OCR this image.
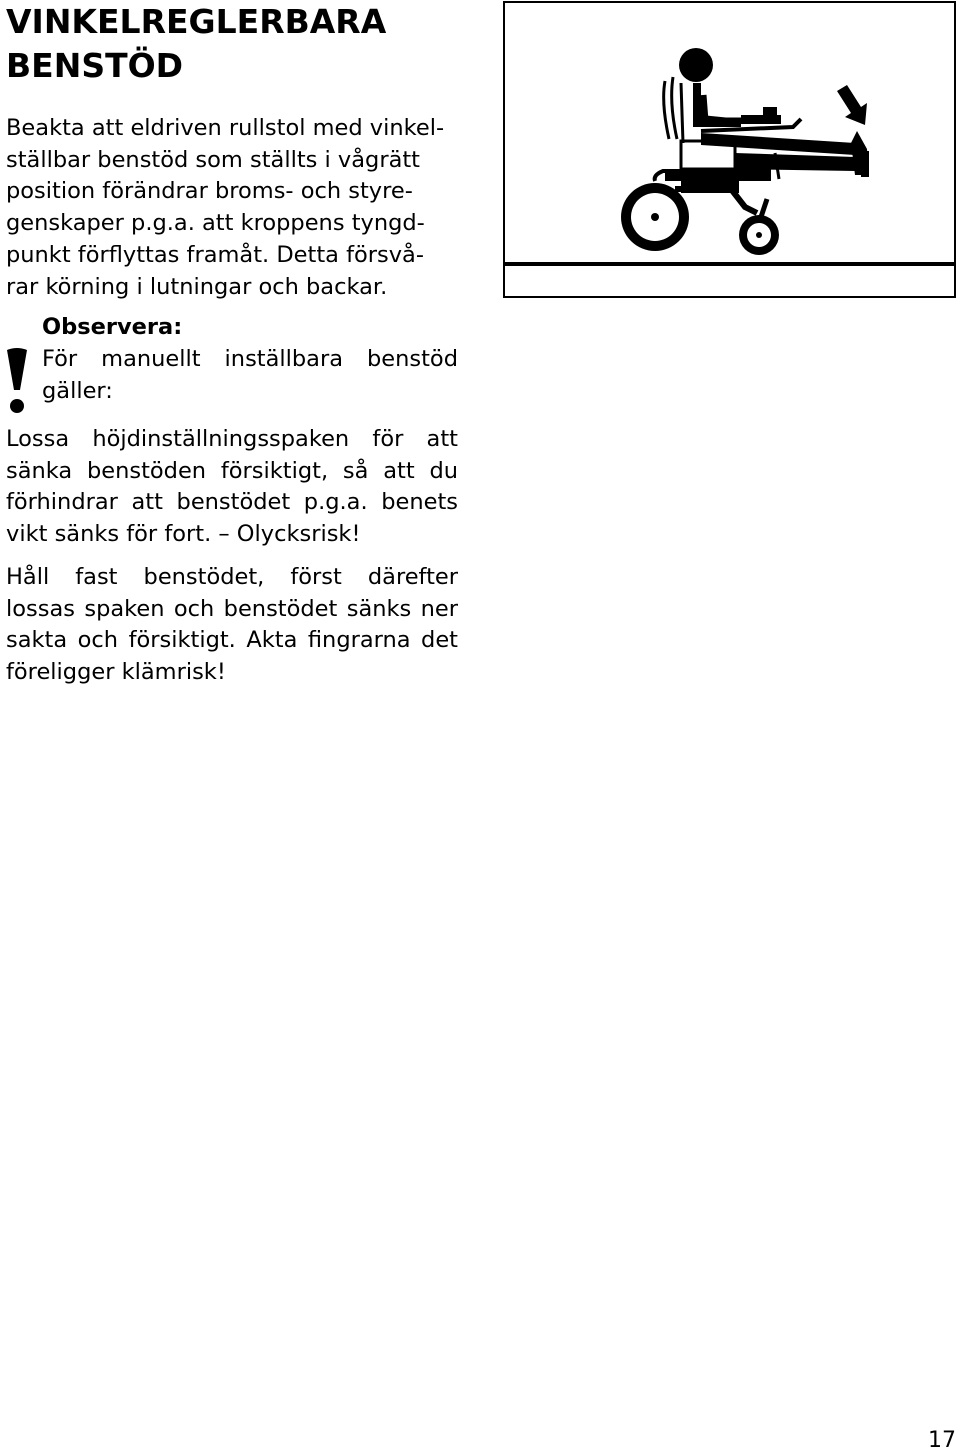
VINKELREGLERBARA
BENSTÖD
Beakta att eldriven rullstol med vinkel-
ställbar benstöd som ställts i vågrätt
position förändrar broms- och styre-
genskaper p.g.a. att kroppens tyngd-
punkt förflyttas framåt. Detta försvå-
rar körning i lutningar och backar.
Observera:
För manuellt inställbara benstöd gäller:

Lossa höjdinställningsspaken för att sänka benstöden försiktigt, så att du förhindrar att benstödet p.g.a. benets vikt sänks för fort. – Olycksrisk!

Håll fast benstödet, först därefter lossas spaken och benstödet sänks ner sakta och försiktigt. Akta fingrarna det föreligger klämrisk!

17
